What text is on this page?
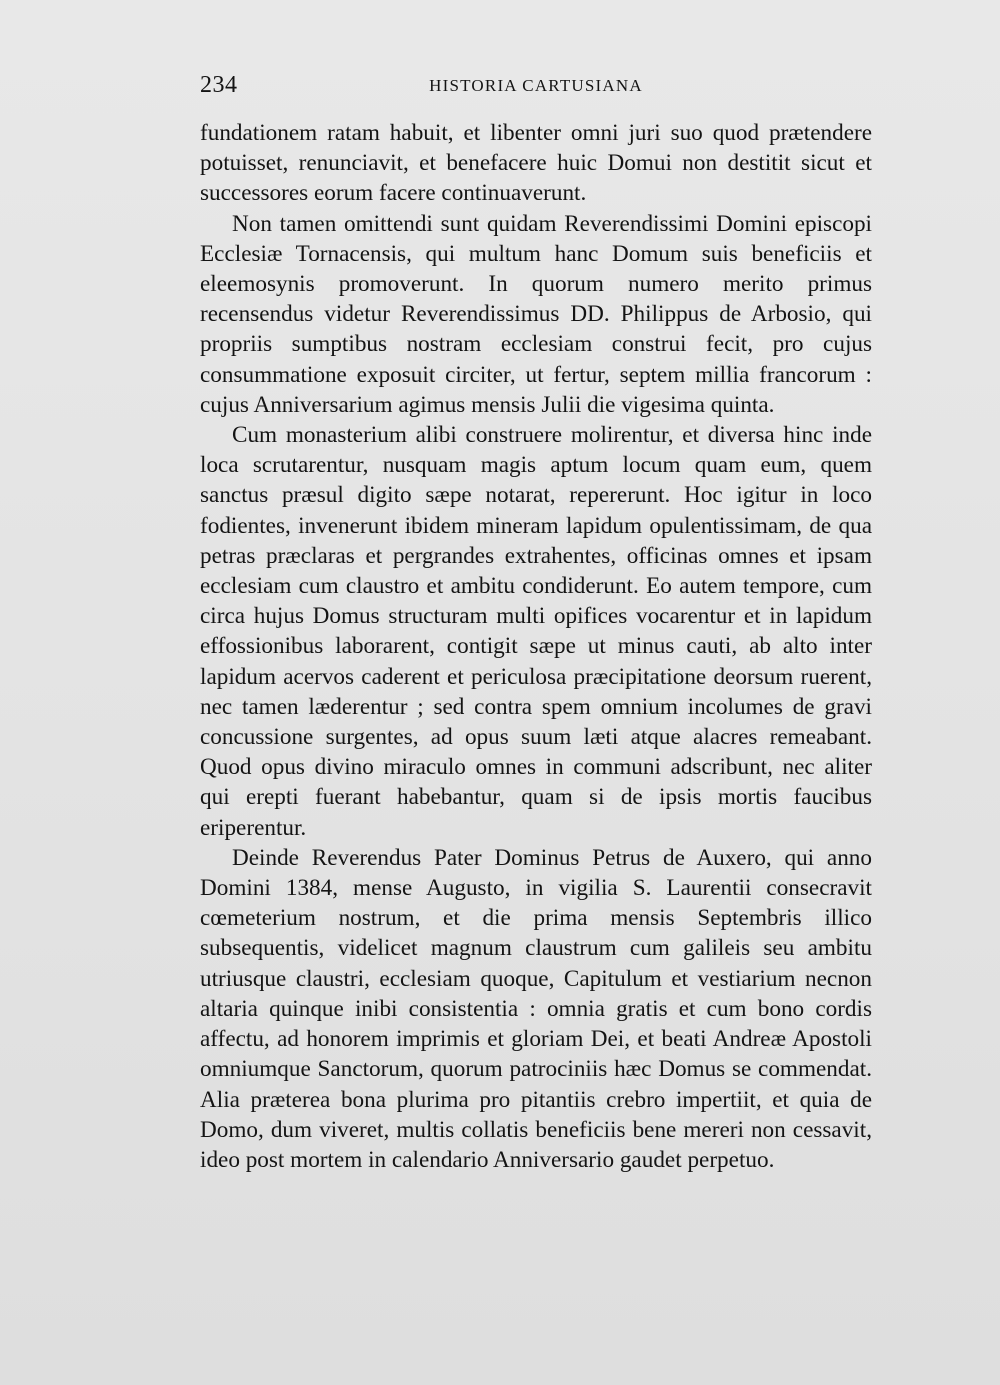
234	HISTORIA CARTUSIANA

fundationem ratam habuit, et libenter omni juri suo quod prætendere potuisset, renunciavit, et benefacere huic Domui non destitit sicut et successores eorum facere continuaverunt.

Non tamen omittendi sunt quidam Reverendissimi Domini episcopi Ecclesiæ Tornacensis, qui multum hanc Domum suis beneficiis et eleemosynis promoverunt. In quorum numero merito primus recensendus videtur Reverendissimus DD. Philippus de Arbosio, qui propriis sumptibus nostram ecclesiam construi fecit, pro cujus consummatione exposuit circiter, ut fertur, septem millia francorum : cujus Anniversarium agimus mensis Julii die vigesima quinta.

Cum monasterium alibi construere molirentur, et diversa hinc inde loca scrutarentur, nusquam magis aptum locum quam eum, quem sanctus præsul digito sæpe notarat, repererunt. Hoc igitur in loco fodientes, invenerunt ibidem mineram lapidum opulentissimam, de qua petras præclaras et pergrandes extrahentes, officinas omnes et ipsam ecclesiam cum claustro et ambitu condiderunt. Eo autem tempore, cum circa hujus Domus structuram multi opifices vocarentur et in lapidum effossionibus laborarent, contigit sæpe ut minus cauti, ab alto inter lapidum acervos caderent et periculosa præcipitatione deorsum ruerent, nec tamen læderentur ; sed contra spem omnium incolumes de gravi concussione surgentes, ad opus suum læti atque alacres remeabant. Quod opus divino miraculo omnes in communi adscribunt, nec aliter qui erepti fuerant habebantur, quam si de ipsis mortis faucibus eriperentur.

Deinde Reverendus Pater Dominus Petrus de Auxero, qui anno Domini 1384, mense Augusto, in vigilia S. Laurentii consecravit cœmeterium nostrum, et die prima mensis Septembris illico subsequentis, videlicet magnum claustrum cum galileis seu ambitu utriusque claustri, ecclesiam quoque, Capitulum et vestiarium necnon altaria quinque inibi consistentia : omnia gratis et cum bono cordis affectu, ad honorem imprimis et gloriam Dei, et beati Andreæ Apostoli omniumque Sanctorum, quorum patrociniis hæc Domus se commendat. Alia præterea bona plurima pro pitantiis crebro impertiit, et quia de Domo, dum viveret, multis collatis beneficiis bene mereri non cessavit, ideo post mortem in calendario Anniversario gaudet perpetuo.
